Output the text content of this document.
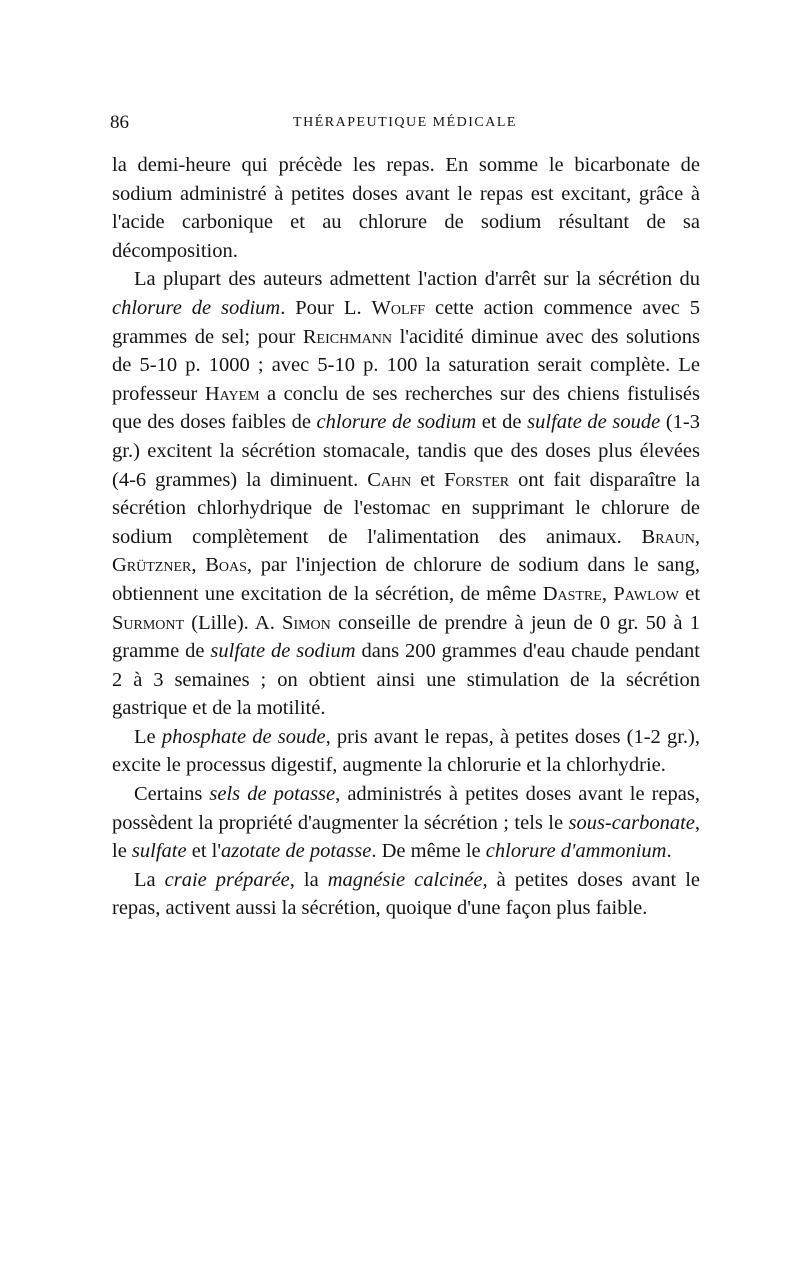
86	THÉRAPEUTIQUE MÉDICALE

la demi-heure qui précède les repas. En somme le bicarbonate de sodium administré à petites doses avant le repas est excitant, grâce à l'acide carbonique et au chlorure de sodium résultant de sa décomposition.

La plupart des auteurs admettent l'action d'arrêt sur la sécrétion du chlorure de sodium. Pour L. Wolff cette action commence avec 5 grammes de sel; pour Reichmann l'acidité diminue avec des solutions de 5-10 p. 1000 ; avec 5-10 p. 100 la saturation serait complète. Le professeur Hayem a conclu de ses recherches sur des chiens fistulisés que des doses faibles de chlorure de sodium et de sulfate de soude (1-3 gr.) excitent la sécrétion stomacale, tandis que des doses plus élevées (4-6 grammes) la diminuent. Cahn et Forster ont fait disparaître la sécrétion chlorhydrique de l'estomac en supprimant le chlorure de sodium complètement de l'alimentation des animaux. Braun, Grützner, Boas, par l'injection de chlorure de sodium dans le sang, obtiennent une excitation de la sécrétion, de même Dastre, Pawlow et Surmont (Lille). A. Simon conseille de prendre à jeun de 0 gr. 50 à 1 gramme de sulfate de sodium dans 200 grammes d'eau chaude pendant 2 à 3 semaines ; on obtient ainsi une stimulation de la sécrétion gastrique et de la motilité.

Le phosphate de soude, pris avant le repas, à petites doses (1-2 gr.), excite le processus digestif, augmente la chlorurie et la chlorhydrie.

Certains sels de potasse, administrés à petites doses avant le repas, possèdent la propriété d'augmenter la sécrétion ; tels le sous-carbonate, le sulfate et l'azotate de potasse. De même le chlorure d'ammonium.

La craie préparée, la magnésie calcinée, à petites doses avant le repas, activent aussi la sécrétion, quoique d'une façon plus faible.
